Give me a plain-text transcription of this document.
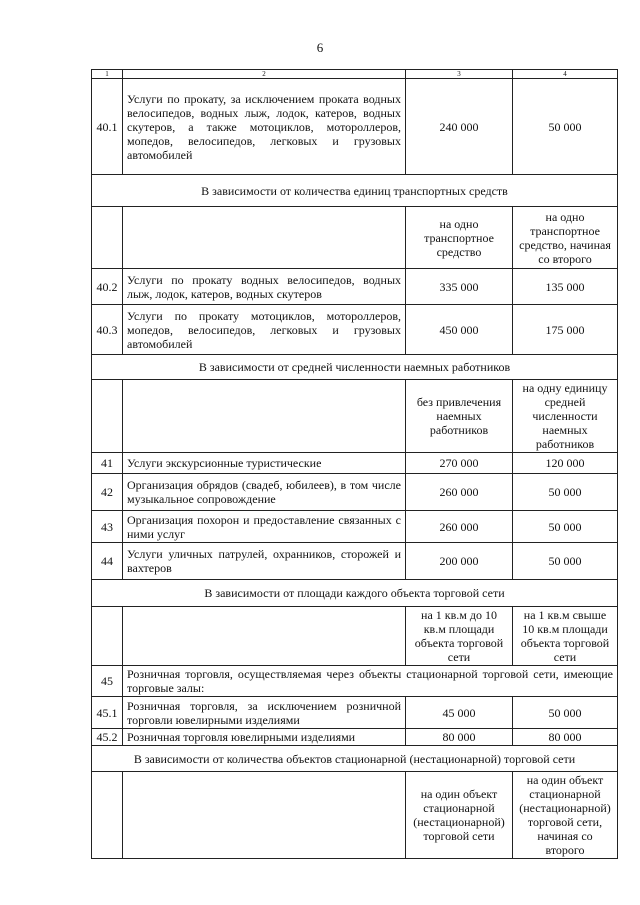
6
1	2	3	4
40.1	Услуги по прокату, за исключением проката водных велосипедов, водных лыж, лодок, катеров, водных скутеров, а также мотоциклов, мотороллеров, мопедов, велосипедов, легковых и грузовых автомобилей	240 000	50 000
В зависимости от количества единиц транспортных средств			
		на одно транспортное средство	на одно транспортное средство, начиная со второго
40.2	Услуги по прокату водных велосипедов, водных лыж, лодок, катеров, водных скутеров	335 000	135 000
40.3	Услуги по прокату мотоциклов, мотороллеров, мопедов, велосипедов, легковых и грузовых автомобилей	450 000	175 000
В зависимости от средней численности наемных работников			
		без привлечения наемных работников	на одну единицу средней численности наемных работников
41	Услуги экскурсионные туристические	270 000	120 000
42	Организация обрядов (свадеб, юбилеев), в том числе музыкальное сопровождение	260 000	50 000
43	Организация похорон и предоставление связанных с ними услуг	260 000	50 000
44	Услуги уличных патрулей, охранников, сторожей и вахтеров	200 000	50 000
В зависимости от площади каждого объекта торговой сети			
		на 1 кв.м до 10 кв.м площади объекта торговой сети	на 1 кв.м свыше 10 кв.м площади объекта торговой сети
45	Розничная торговля, осуществляемая через объекты стационарной торговой сети, имеющие торговые залы:		
45.1	Розничная торговля, за исключением розничной торговли ювелирными изделиями	45 000	50 000
45.2	Розничная торговля ювелирными изделиями	80 000	80 000
В зависимости от количества объектов стационарной (нестационарной) торговой сети			
		на один объект стационарной (нестационарной) торговой сети	на один объект стационарной (нестационарной) торговой сети, начиная со второго
